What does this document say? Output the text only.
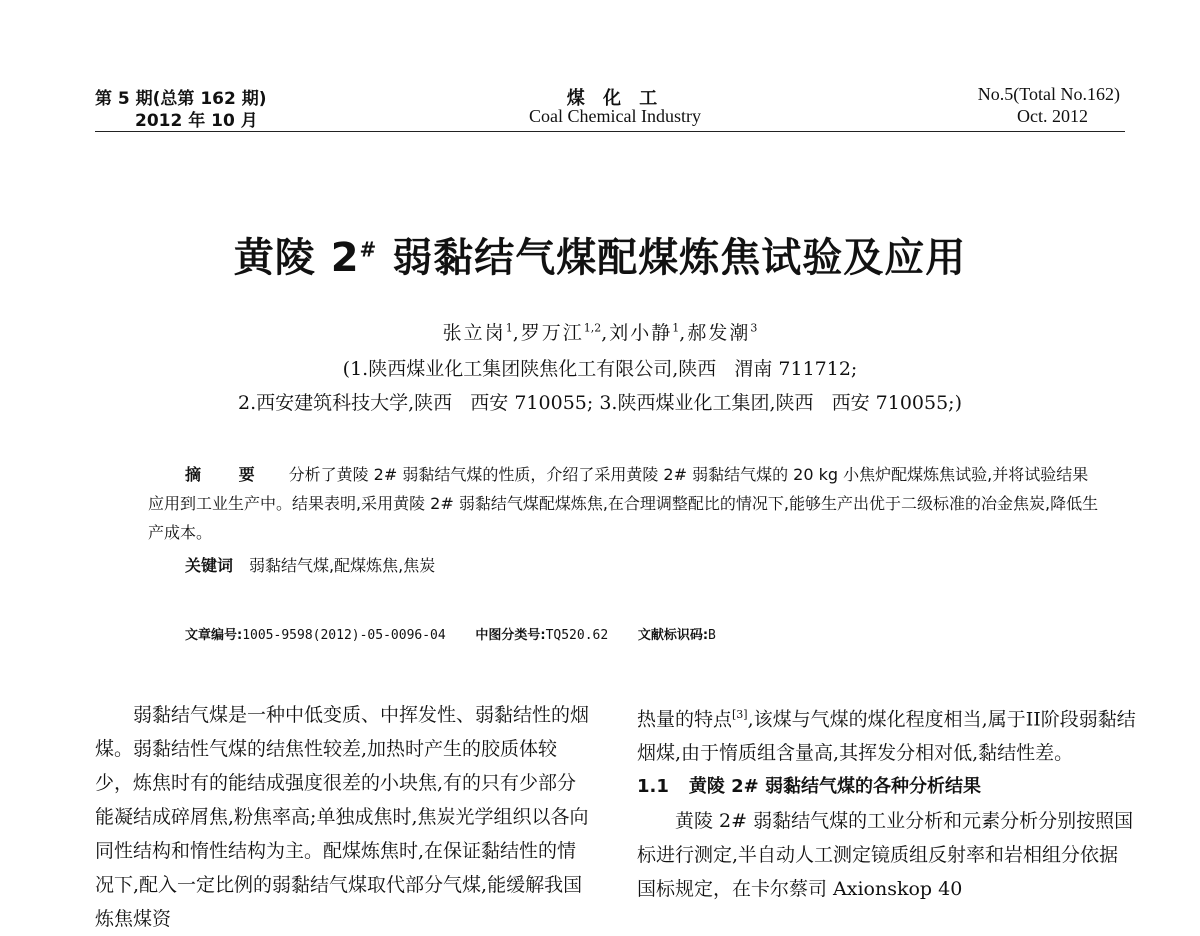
第 5 期(总第 162 期)
2012 年 10 月
煤 化 工
Coal Chemical Industry
No.5(Total No.162)
Oct. 2012
黄陵 2# 弱黏结气煤配煤炼焦试验及应用
张立岗$^1$,罗万江$^{1,2}$,刘小静$^1$,郝发潮$^3$
(1.陕西煤业化工集团陕焦化工有限公司,陕西   渭南 711712;
2.西安建筑科技大学,陕西   西安 710055; 3.陕西煤业化工集团,陕西   西安 710055;)
摘 要 分析了黄陵 2# 弱黏结气煤的性质，介绍了采用黄陵 2# 弱黏结气煤的 20 kg 小焦炉配煤炼焦试验,并将试验结果应用到工业生产中。结果表明,采用黄陵 2# 弱黏结气煤配煤炼焦,在合理调整配比的情况下,能够生产出优于二级标准的冶金焦炭,降低生产成本。
关键词 弱黏结气煤,配煤炼焦,焦炭
文章编号:1005-9598(2012)-05-0096-04 中图分类号:TQ520.62 文献标识码:B

弱黏结气煤是一种中低变质、中挥发性、弱黏结性的烟煤。弱黏结性气煤的结焦性较差,加热时产生的胶质体较少，炼焦时有的能结成强度很差的小块焦,有的只有少部分能凝结成碎屑焦,粉焦率高;单独成焦时,焦炭光学组织以各向同性结构和惰性结构为主。配煤炼焦时,在保证黏结性的情况下,配入一定比例的弱黏结气煤取代部分气煤,能缓解我国炼焦煤资

热量的特点[3],该煤与气煤的煤化程度相当,属于II阶段弱黏结烟煤,由于惰质组含量高,其挥发分相对低,黏结性差。

1.1 黄陵 2# 弱黏结气煤的各种分析结果

黄陵 2# 弱黏结气煤的工业分析和元素分析分别按照国标进行测定,半自动人工测定镜质组反射率和岩相组分依据国标规定，在卡尔蔡司 Axionskop 40
